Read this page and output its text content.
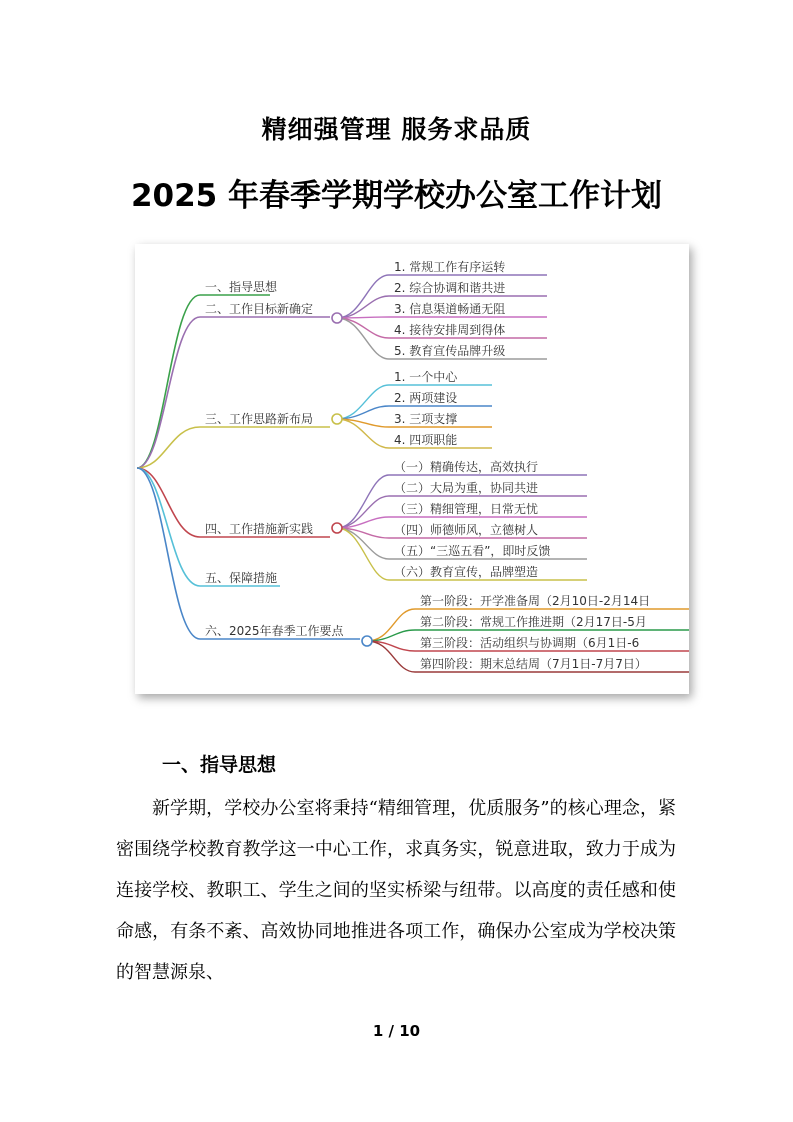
精细强管理 服务求品质
2025 年春季学期学校办公室工作计划
一、指导思想
二、工作目标新确定
1. 常规工作有序运转
2. 综合协调和谐共进
3. 信息渠道畅通无阻
4. 接待安排周到得体
5. 教育宣传品牌升级
三、工作思路新布局
1. 一个中心
2. 两项建设
3. 三项支撑
4. 四项职能
四、工作措施新实践
（一）精确传达，高效执行
（二）大局为重，协同共进
（三）精细管理，日常无忧
（四）师德师风，立德树人
（五）“三巡五看”，即时反馈
（六）教育宣传，品牌塑造
五、保障措施
六、2025年春季工作要点
第一阶段：开学准备周（2月10日-2月14日
第二阶段：常规工作推进期（2月17日-5月
第三阶段：活动组织与协调期（6月1日-6
第四阶段：期末总结周（7月1日-7月7日）
一、指导思想
新学期，学校办公室将秉持“精细管理，优质服务”的核心理念，紧密围绕学校教育教学这一中心工作，求真务实，锐意进取，致力于成为连接学校、教职工、学生之间的坚实桥梁与纽带。以高度的责任感和使命感，有条不紊、高效协同地推进各项工作，确保办公室成为学校决策的智慧源泉、
1 / 10
